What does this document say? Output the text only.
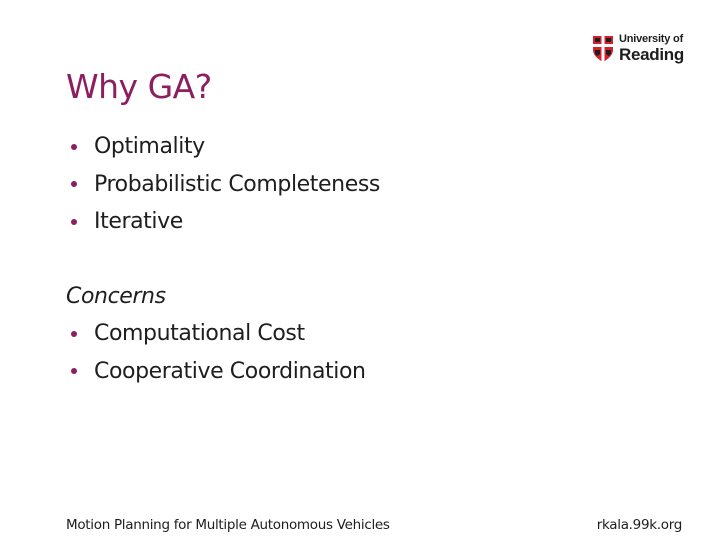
University of
Reading
Why GA?
Optimality
Probabilistic Completeness
Iterative
Concerns
Computational Cost
Cooperative Coordination
Motion Planning for Multiple Autonomous Vehicles	rkala.99k.org
